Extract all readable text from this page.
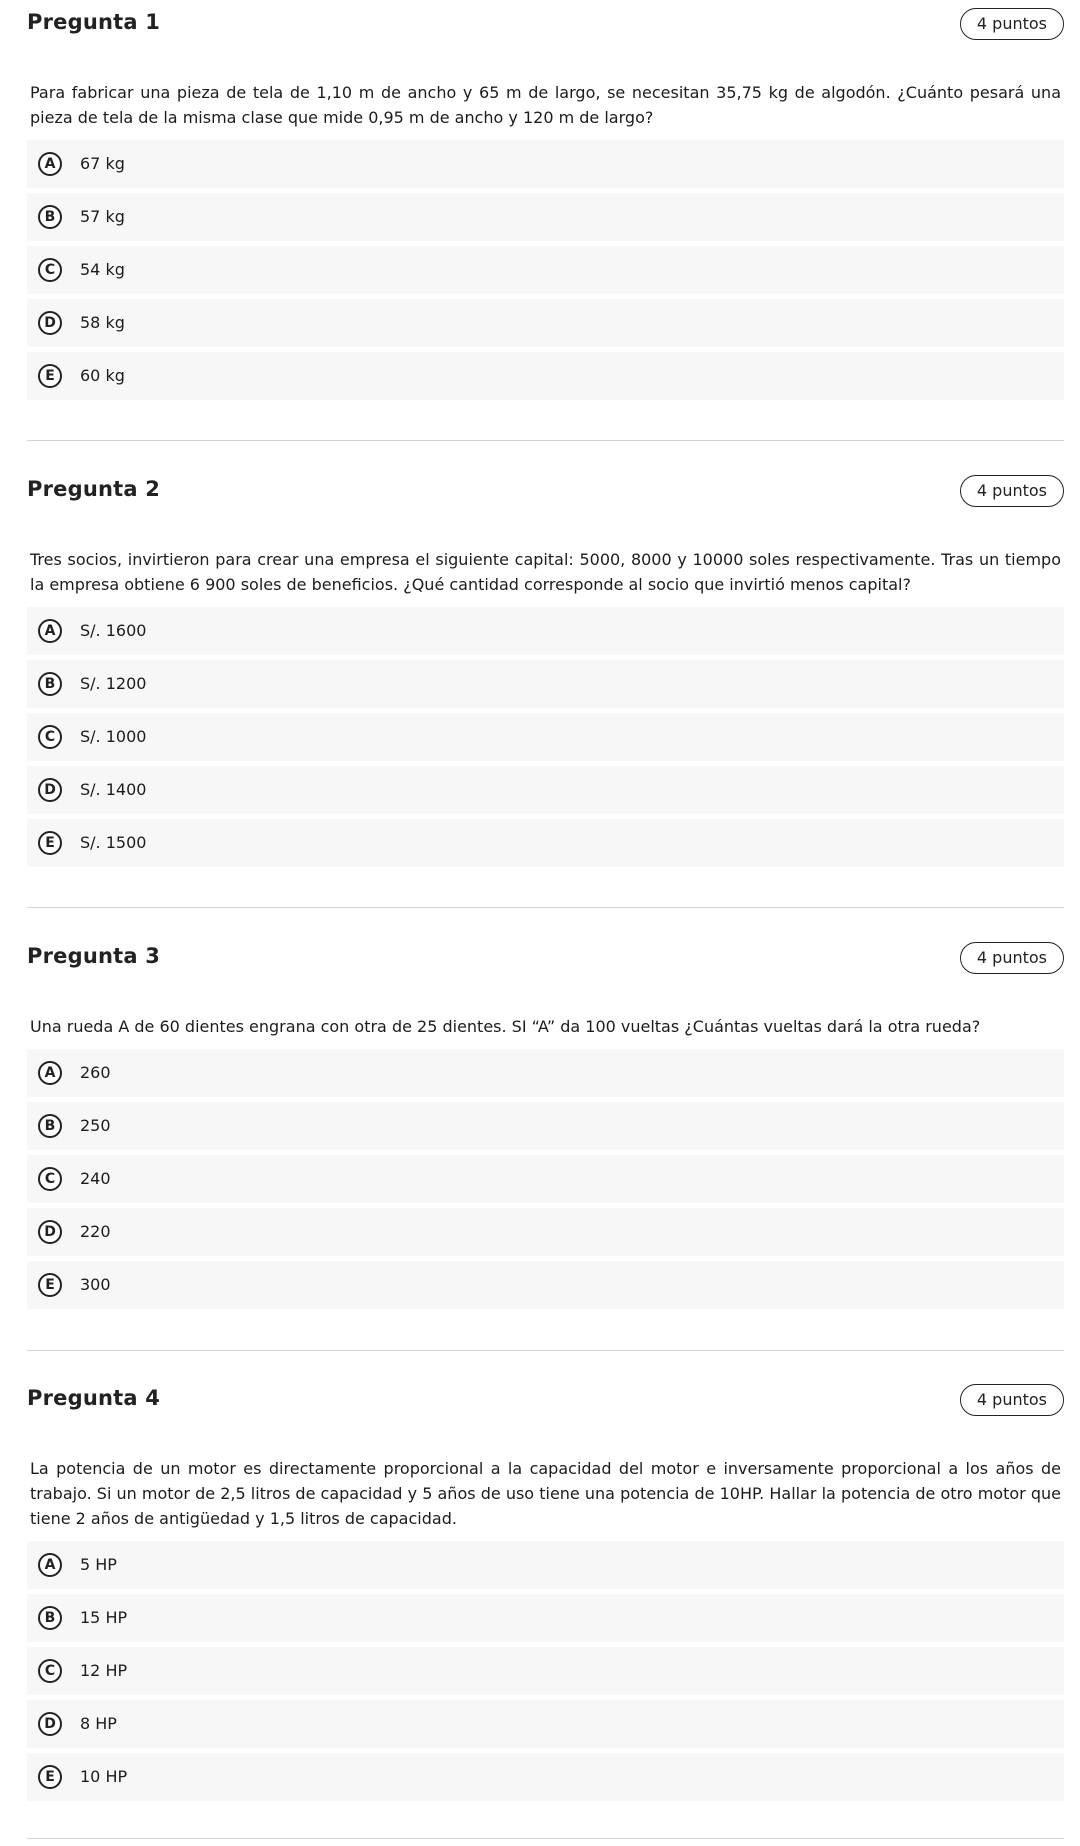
Pregunta 1	4 puntos

Para fabricar una pieza de tela de 1,10 m de ancho y 65 m de largo, se necesitan 35,75 kg de algodón. ¿Cuánto pesará una pieza de tela de la misma clase que mide 0,95 m de ancho y 120 m de largo?

A	67 kg
B	57 kg
C	54 kg
D	58 kg
E	60 kg
Pregunta 2	4 puntos

Tres socios, invirtieron para crear una empresa el siguiente capital: 5000, 8000 y 10000 soles respectivamente. Tras un tiempo la empresa obtiene 6 900 soles de beneficios. ¿Qué cantidad corresponde al socio que invirtió menos capital?

A	S/. 1600
B	S/. 1200
C	S/. 1000
D	S/. 1400
E	S/. 1500
Pregunta 3	4 puntos

Una rueda A de 60 dientes engrana con otra de 25 dientes. SI “A” da 100 vueltas ¿Cuántas vueltas dará la otra rueda?

A	260
B	250
C	240
D	220
E	300
Pregunta 4	4 puntos

La potencia de un motor es directamente proporcional a la capacidad del motor e inversamente proporcional a los años de trabajo. Si un motor de 2,5 litros de capacidad y 5 años de uso tiene una potencia de 10HP. Hallar la potencia de otro motor que tiene 2 años de antigüedad y 1,5 litros de capacidad.

A	5 HP
B	15 HP
C	12 HP
D	8 HP
E	10 HP
